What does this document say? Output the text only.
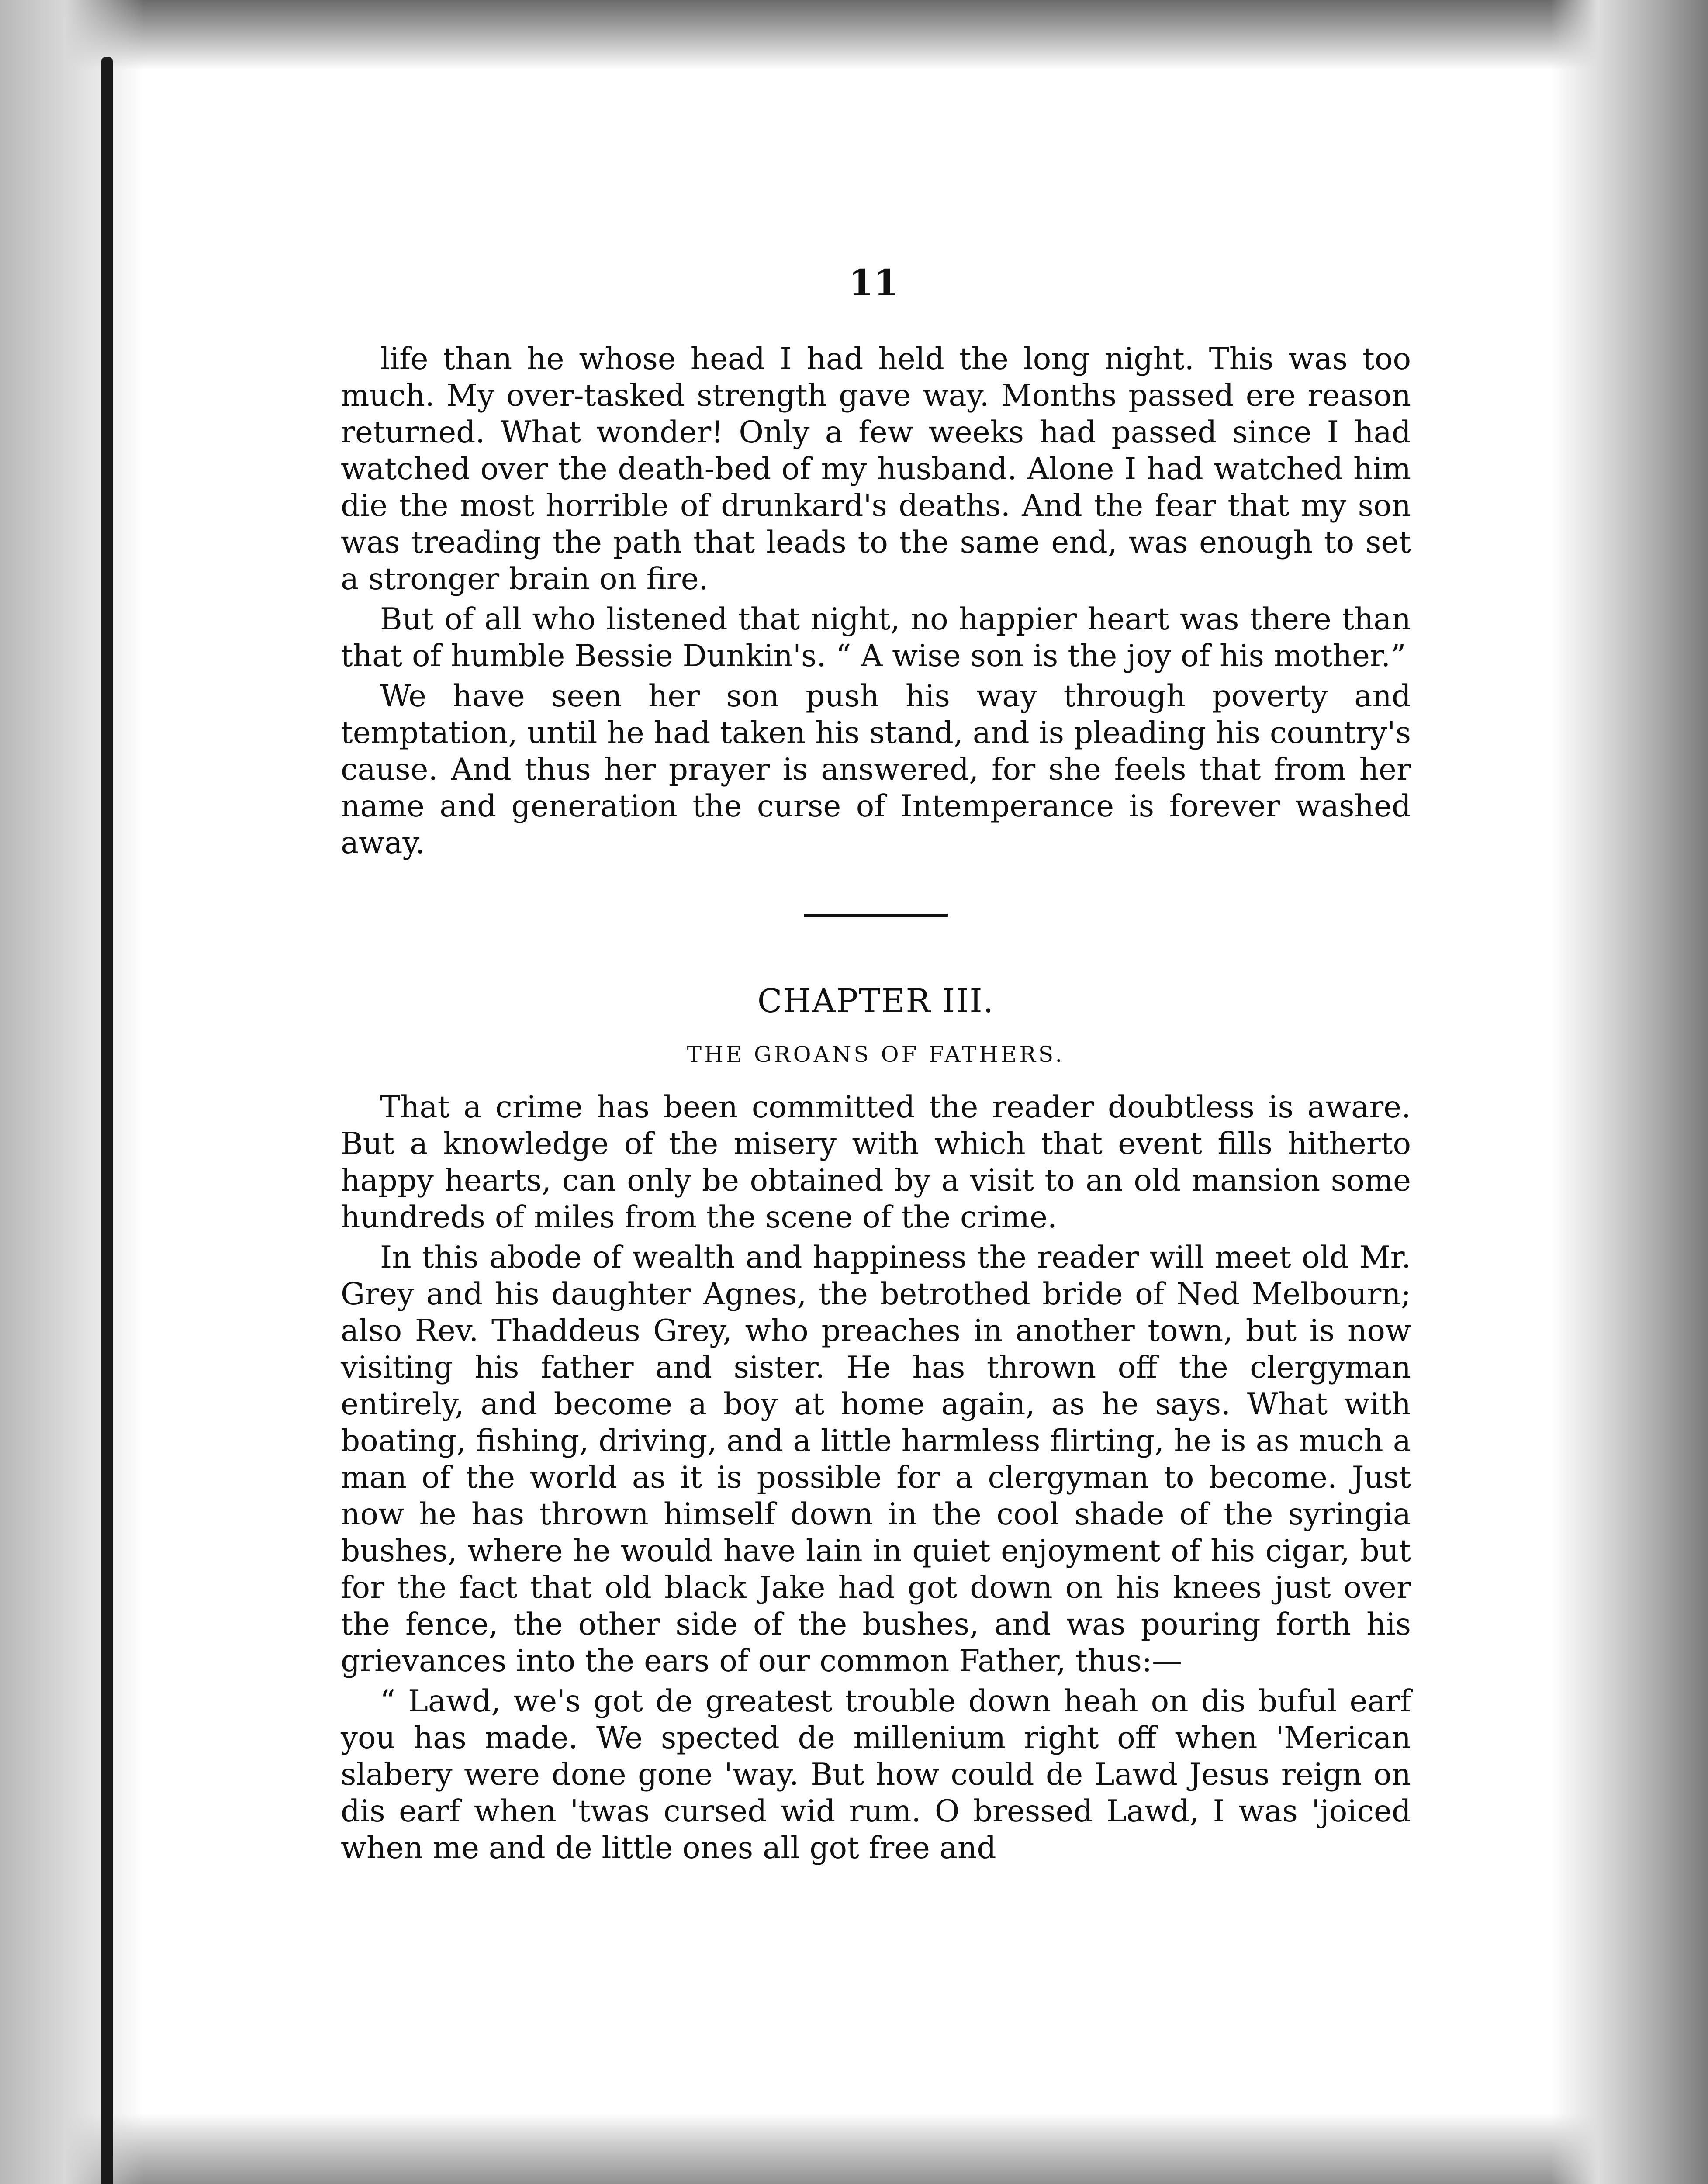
11

life than he whose head I had held the long night. This was too much. My over-tasked strength gave way. Months passed ere reason returned. What wonder! Only a few weeks had passed since I had watched over the death-bed of my husband. Alone I had watched him die the most horrible of drunkard's deaths. And the fear that my son was treading the path that leads to the same end, was enough to set a stronger brain on fire.

But of all who listened that night, no happier heart was there than that of humble Bessie Dunkin's. “ A wise son is the joy of his mother.”

We have seen her son push his way through poverty and temptation, until he had taken his stand, and is pleading his country's cause. And thus her prayer is answered, for she feels that from her name and generation the curse of Intemperance is forever washed away.

CHAPTER III.
THE GROANS OF FATHERS.

That a crime has been committed the reader doubtless is aware. But a knowledge of the misery with which that event fills hitherto happy hearts, can only be obtained by a visit to an old mansion some hundreds of miles from the scene of the crime.

In this abode of wealth and happiness the reader will meet old Mr. Grey and his daughter Agnes, the betrothed bride of Ned Melbourn; also Rev. Thaddeus Grey, who preaches in another town, but is now visiting his father and sister. He has thrown off the clergyman entirely, and become a boy at home again, as he says. What with boating, fishing, driving, and a little harmless flirting, he is as much a man of the world as it is possible for a clergyman to become. Just now he has thrown himself down in the cool shade of the syringia bushes, where he would have lain in quiet enjoyment of his cigar, but for the fact that old black Jake had got down on his knees just over the fence, the other side of the bushes, and was pouring forth his grievances into the ears of our common Father, thus:—

“ Lawd, we's got de greatest trouble down heah on dis buful earf you has made. We spected de millenium right off when 'Merican slabery were done gone 'way. But how could de Lawd Jesus reign on dis earf when 'twas cursed wid rum. O bressed Lawd, I was 'joiced when me and de little ones all got free and
